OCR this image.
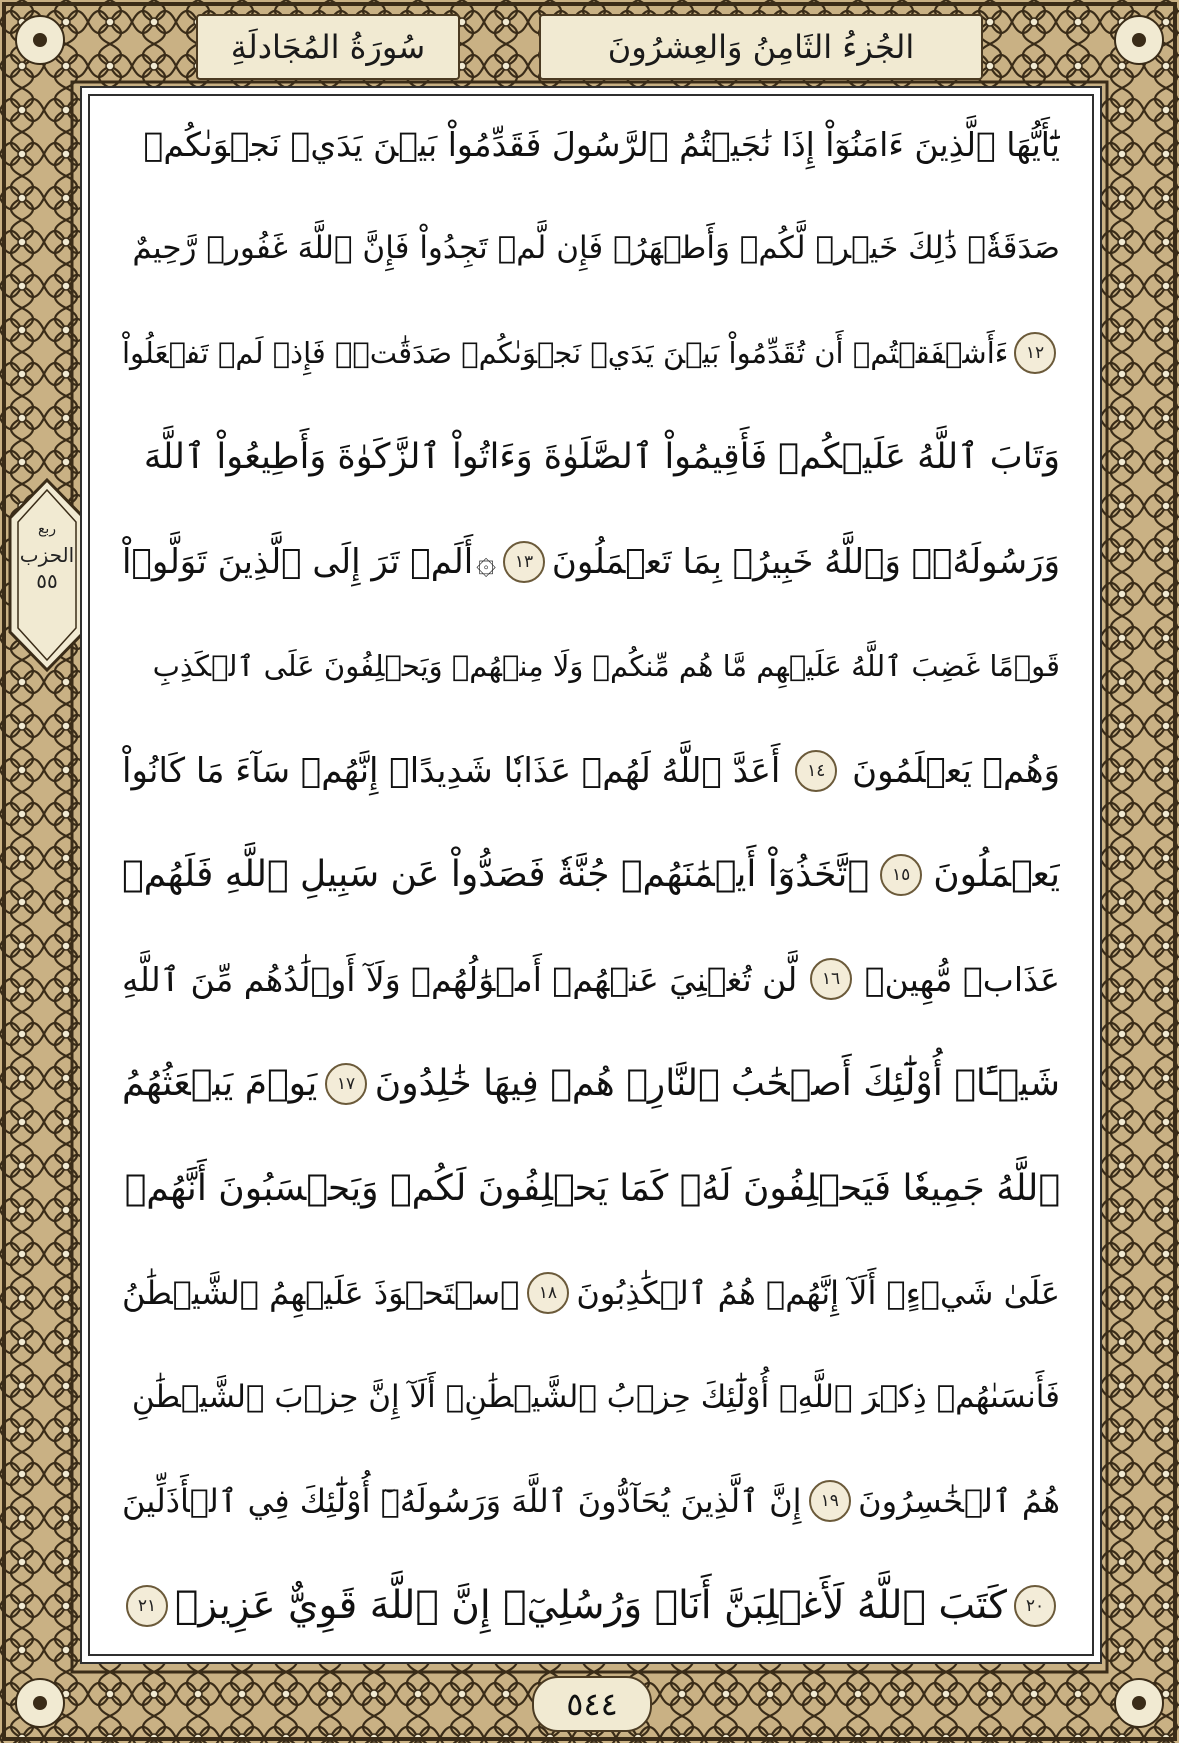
الجُزءُ الثَامِنُ وَالعِشرُونَ
سُورَةُ المُجَادلَةِ
ربع
الحزب
٥٥
يَٰٓأَيُّهَا ٱلَّذِينَ ءَامَنُوٓاْ إِذَا نَٰجَيۡتُمُ ٱلرَّسُولَ فَقَدِّمُواْ بَيۡنَ يَدَيۡ نَجۡوَىٰكُمۡ
صَدَقَةٗۚ ذَٰلِكَ خَيۡرٞ لَّكُمۡ وَأَطۡهَرُۚ فَإِن لَّمۡ تَجِدُواْ فَإِنَّ ٱللَّهَ غَفُورٞ رَّحِيمٌ
١٢
ءَأَشۡفَقۡتُمۡ أَن تُقَدِّمُواْ بَيۡنَ يَدَيۡ نَجۡوَىٰكُمۡ صَدَقَٰتٖۚ فَإِذۡ لَمۡ تَفۡعَلُواْ
وَتَابَ ٱللَّهُ عَلَيۡكُمۡ فَأَقِيمُواْ ٱلصَّلَوٰةَ وَءَاتُواْ ٱلزَّكَوٰةَ وَأَطِيعُواْ ٱللَّهَ
وَرَسُولَهُۥۚ وَٱللَّهُ خَبِيرُۢ بِمَا تَعۡمَلُونَ
١٣
۞
أَلَمۡ تَرَ إِلَى ٱلَّذِينَ تَوَلَّوۡاْ
قَوۡمًا غَضِبَ ٱللَّهُ عَلَيۡهِم مَّا هُم مِّنكُمۡ وَلَا مِنۡهُمۡ وَيَحۡلِفُونَ عَلَى ٱلۡكَذِبِ
وَهُمۡ يَعۡلَمُونَ
١٤
أَعَدَّ ٱللَّهُ لَهُمۡ عَذَابٗا شَدِيدًاۖ إِنَّهُمۡ سَآءَ مَا كَانُواْ
يَعۡمَلُونَ
١٥
ٱتَّخَذُوٓاْ أَيۡمَٰنَهُمۡ جُنَّةٗ فَصَدُّواْ عَن سَبِيلِ ٱللَّهِ فَلَهُمۡ
عَذَابٞ مُّهِينٞ
١٦
لَّن تُغۡنِيَ عَنۡهُمۡ أَمۡوَٰلُهُمۡ وَلَآ أَوۡلَٰدُهُم مِّنَ ٱللَّهِ
شَيۡـًٔاۚ أُوْلَٰٓئِكَ أَصۡحَٰبُ ٱلنَّارِۖ هُمۡ فِيهَا خَٰلِدُونَ
١٧
يَوۡمَ يَبۡعَثُهُمُ
ٱللَّهُ جَمِيعٗا فَيَحۡلِفُونَ لَهُۥ كَمَا يَحۡلِفُونَ لَكُمۡ وَيَحۡسَبُونَ أَنَّهُمۡ
عَلَىٰ شَيۡءٍۚ أَلَآ إِنَّهُمۡ هُمُ ٱلۡكَٰذِبُونَ
١٨
ٱسۡتَحۡوَذَ عَلَيۡهِمُ ٱلشَّيۡطَٰنُ
فَأَنسَىٰهُمۡ ذِكۡرَ ٱللَّهِۚ أُوْلَٰٓئِكَ حِزۡبُ ٱلشَّيۡطَٰنِۚ أَلَآ إِنَّ حِزۡبَ ٱلشَّيۡطَٰنِ
هُمُ ٱلۡخَٰسِرُونَ
١٩
إِنَّ ٱلَّذِينَ يُحَآدُّونَ ٱللَّهَ وَرَسُولَهُۥٓ أُوْلَٰٓئِكَ فِي ٱلۡأَذَلِّينَ
٢٠
كَتَبَ ٱللَّهُ لَأَغۡلِبَنَّ أَنَا۠ وَرُسُلِيٓۚ إِنَّ ٱللَّهَ قَوِيٌّ عَزِيزٞ
٢١
٥٤٤
